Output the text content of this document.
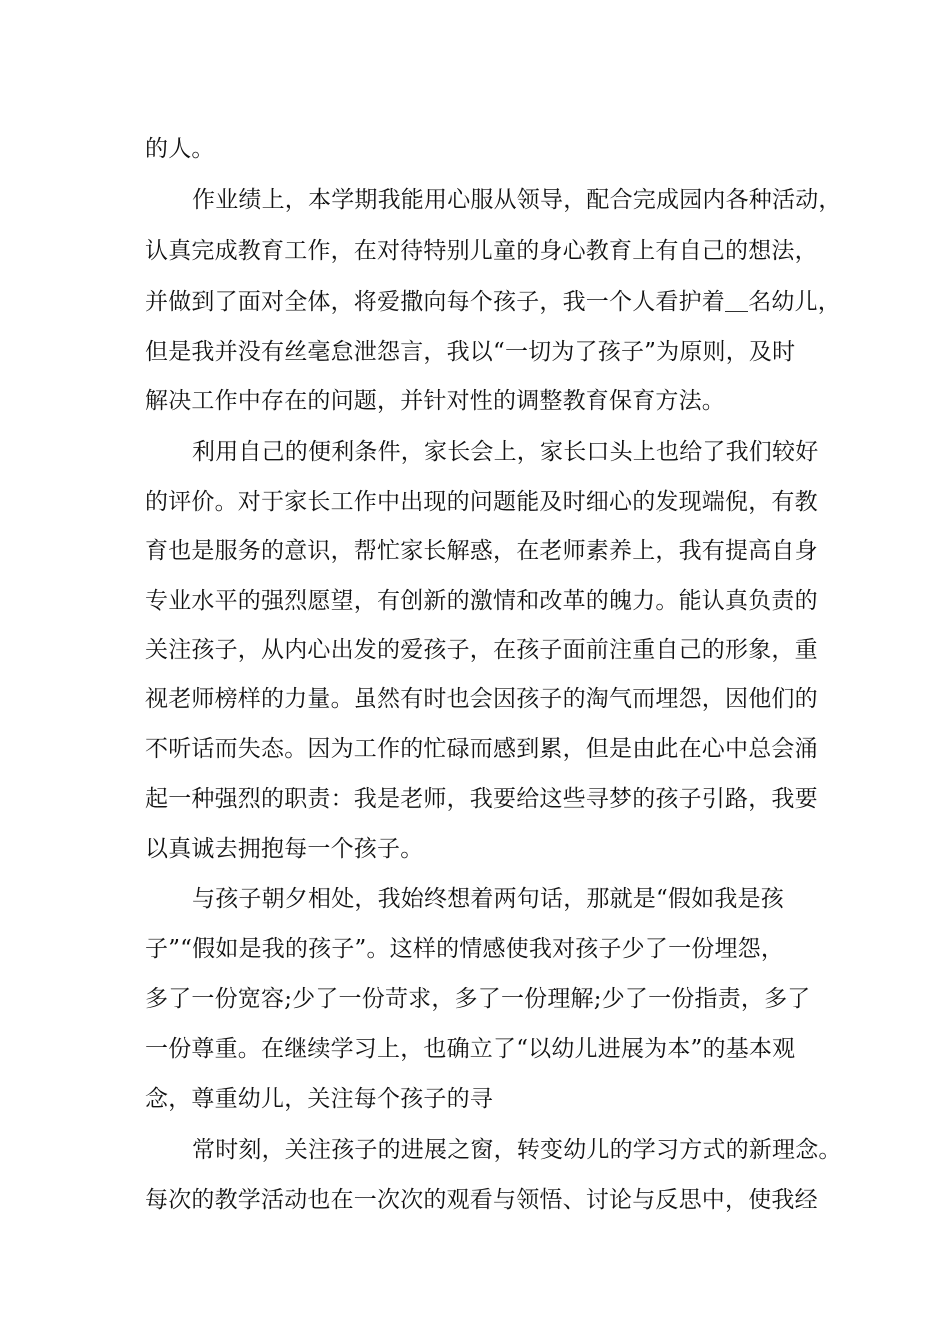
的人。
作业绩上，本学期我能用心服从领导，配合完成园内各种活动，
认真完成教育工作，在对待特别儿童的身心教育上有自己的想法，
并做到了面对全体，将爱撒向每个孩子，我一个人看护着＿名幼儿，
但是我并没有丝毫怠泄怨言，我以“一切为了孩子”为原则，及时
解决工作中存在的问题，并针对性的调整教育保育方法。
利用自己的便利条件，家长会上，家长口头上也给了我们较好
的评价。对于家长工作中出现的问题能及时细心的发现端倪，有教
育也是服务的意识，帮忙家长解惑，在老师素养上，我有提高自身
专业水平的强烈愿望，有创新的激情和改革的魄力。能认真负责的
关注孩子，从内心出发的爱孩子，在孩子面前注重自己的形象，重
视老师榜样的力量。虽然有时也会因孩子的淘气而埋怨，因他们的
不听话而失态。因为工作的忙碌而感到累，但是由此在心中总会涌
起一种强烈的职责：我是老师，我要给这些寻梦的孩子引路，我要
以真诚去拥抱每一个孩子。
与孩子朝夕相处，我始终想着两句话，那就是“假如我是孩
子”“假如是我的孩子”。这样的情感使我对孩子少了一份埋怨，
多了一份宽容;少了一份苛求，多了一份理解;少了一份指责，多了
一份尊重。在继续学习上，也确立了“以幼儿进展为本”的基本观
念，尊重幼儿，关注每个孩子的寻
常时刻，关注孩子的进展之窗，转变幼儿的学习方式的新理念。
每次的教学活动也在一次次的观看与领悟、讨论与反思中，使我经
